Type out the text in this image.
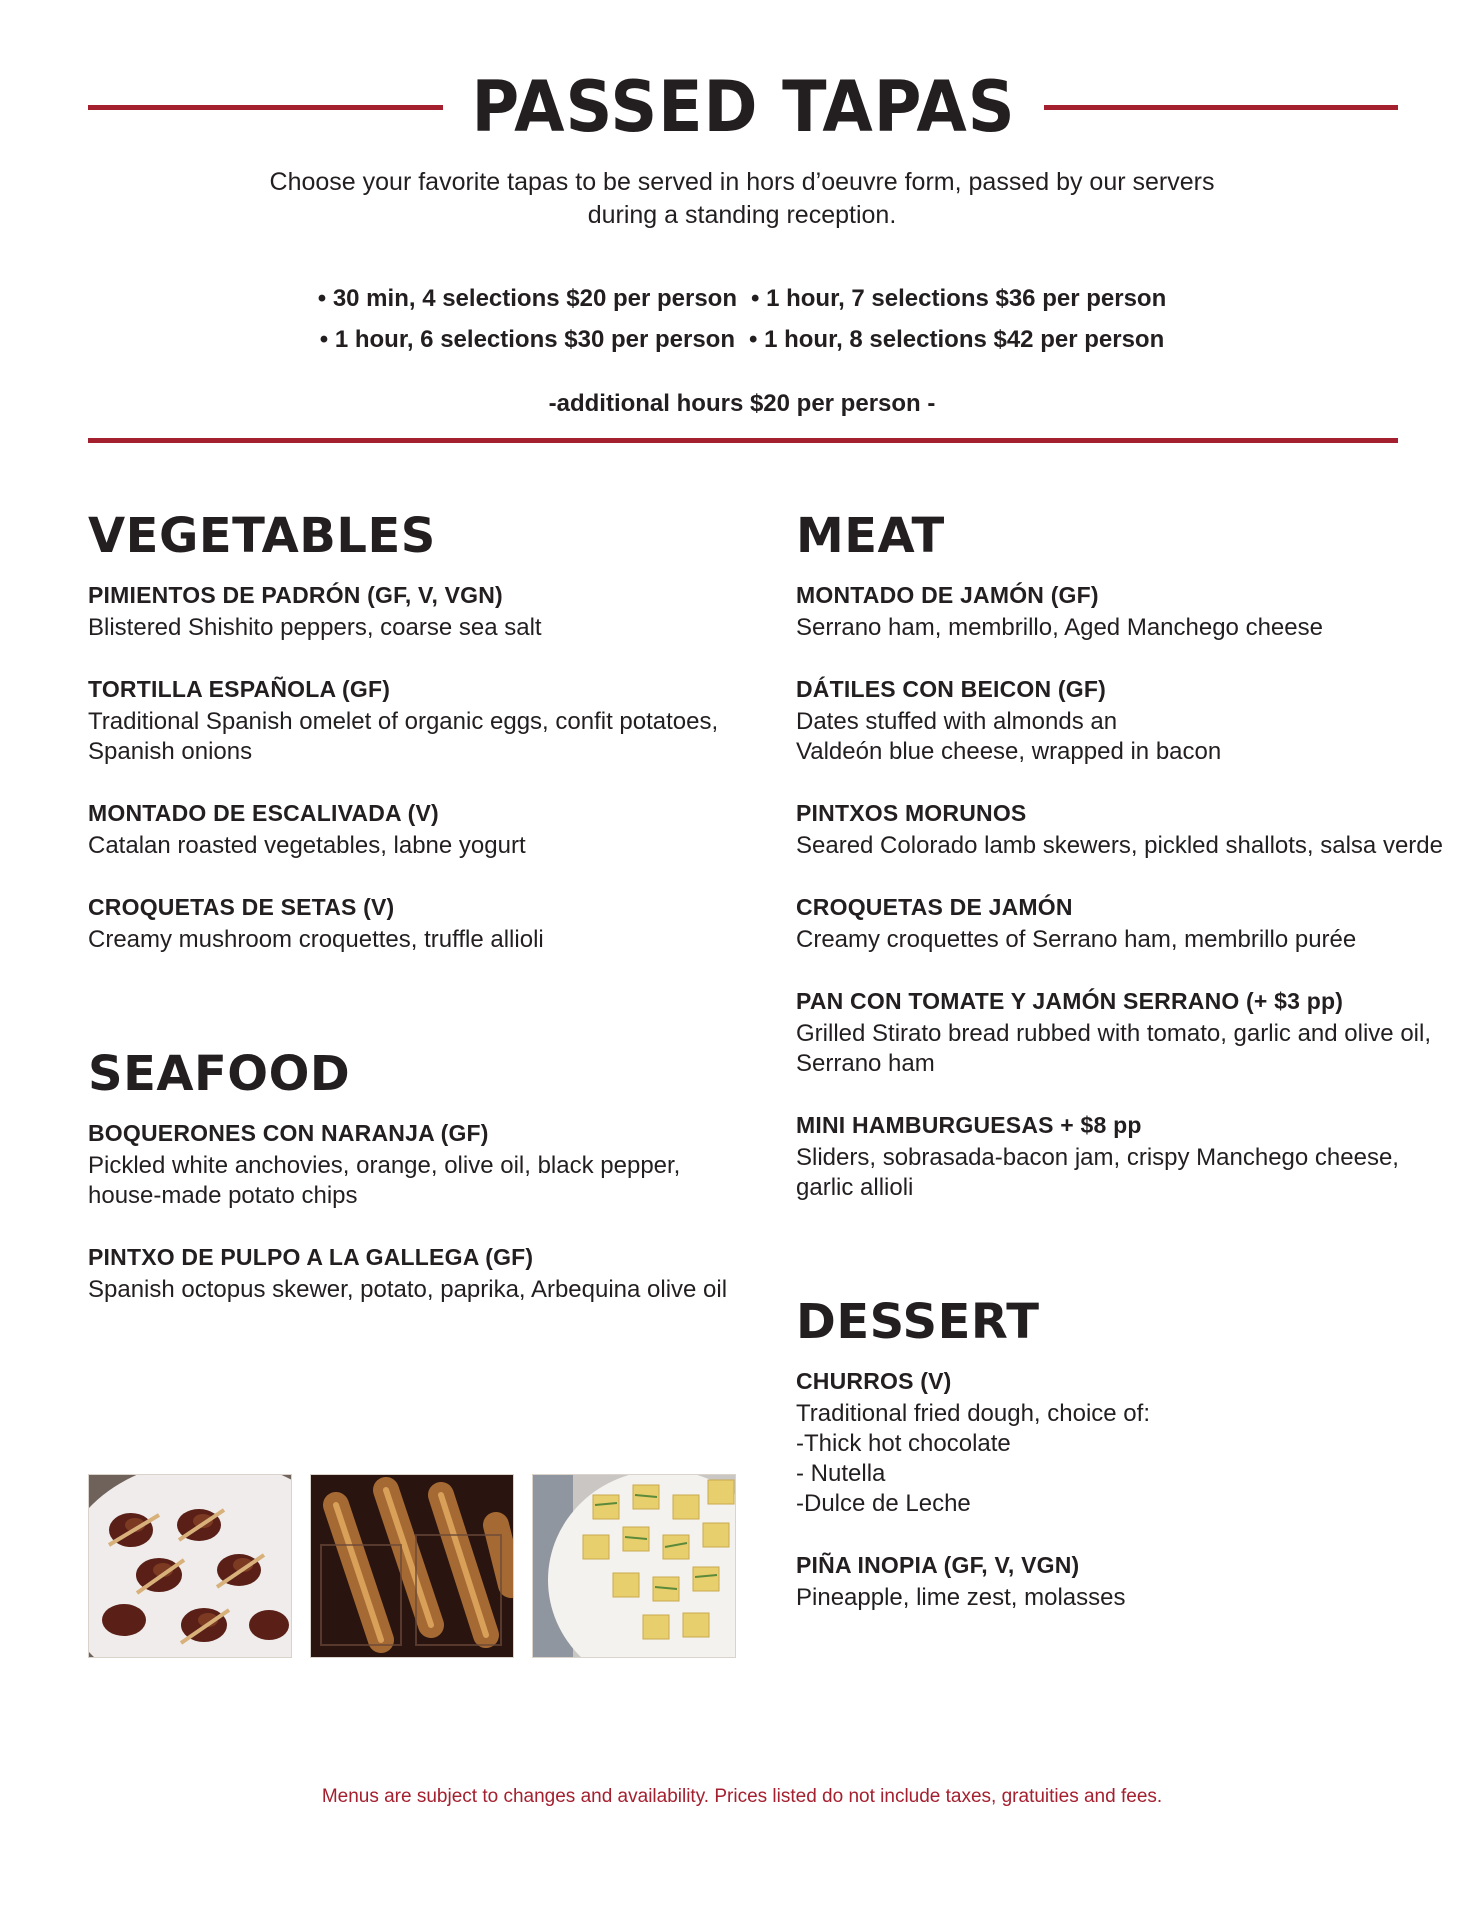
PASSED TAPAS
Choose your favorite tapas to be served in hors d’oeuvre form, passed by our servers during a standing reception.
• 30 min, 4 selections $20 per person • 1 hour, 7 selections $36 per person
• 1 hour, 6 selections $30 per person • 1 hour, 8 selections $42 per person
-additional hours $20 per person -
VEGETABLES
PIMIENTOS DE PADRÓN (GF, V, VGN)
Blistered Shishito peppers, coarse sea salt
TORTILLA ESPAÑOLA (GF)
Traditional Spanish omelet of organic eggs, confit potatoes, Spanish onions
MONTADO DE ESCALIVADA (V)
Catalan roasted vegetables, labne yogurt
CROQUETAS DE SETAS (V)
Creamy mushroom croquettes, truffle allioli
SEAFOOD
BOQUERONES CON NARANJA (GF)
Pickled white anchovies, orange, olive oil, black pepper, house-made potato chips
PINTXO DE PULPO A LA GALLEGA (GF)
Spanish octopus skewer, potato, paprika, Arbequina olive oil
MEAT
MONTADO DE JAMÓN (GF)
Serrano ham, membrillo, Aged Manchego cheese
DÁTILES CON BEICON (GF)
Dates stuffed with almonds an
Valdeón blue cheese, wrapped in bacon
PINTXOS MORUNOS
Seared Colorado lamb skewers, pickled shallots, salsa verde
CROQUETAS DE JAMÓN
Creamy croquettes of Serrano ham, membrillo purée
PAN CON TOMATE Y JAMÓN SERRANO (+ $3 pp)
Grilled Stirato bread rubbed with tomato, garlic and olive oil, Serrano ham
MINI HAMBURGUESAS + $8 pp
Sliders, sobrasada-bacon jam, crispy Manchego cheese, garlic allioli
DESSERT
CHURROS (V)
Traditional fried dough, choice of:
-Thick hot chocolate
- Nutella
-Dulce de Leche
PIÑA INOPIA (GF, V, VGN)
Pineapple, lime zest, molasses
Menus are subject to changes and availability. Prices listed do not include taxes, gratuities and fees.
